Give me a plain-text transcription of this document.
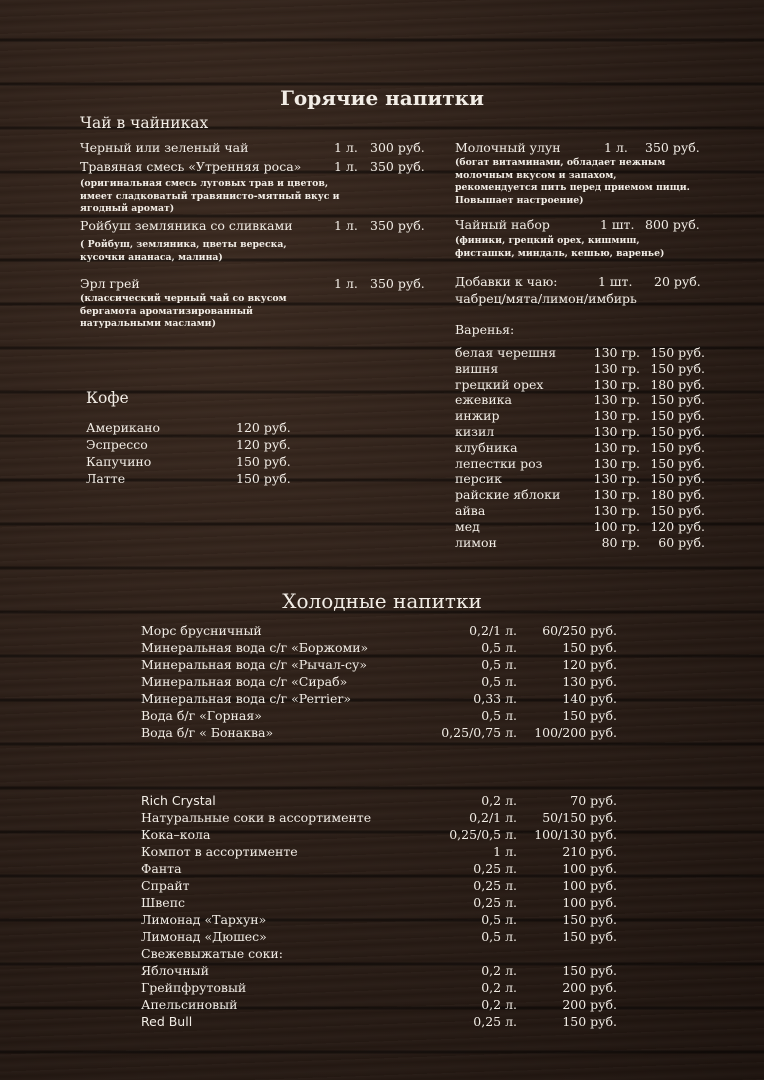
Горячие напитки
Чай в чайниках
Черный или зеленый чай	1 л. 300 руб.
Травяная смесь «Утренняя роса»	1 л. 350 руб.
(оригинальная смесь луговых трав и цветов, имеет сладковатый травянисто-мятный вкус и ягодный аромат)
Ройбуш земляника со сливками	1 л. 350 руб.
( Ройбуш, земляника, цветы вереска, кусочки ананаса, малина)
Эрл грей	1 л. 350 руб.
(классический черный чай со вкусом бергамота ароматизированный натуральными маслами)
Молочный улун	1 л. 350 руб.
(богат витаминами, обладает нежным молочным вкусом и запахом, рекомендуется пить перед приемом пищи. Повышает настроение)
Чайный набор	1 шт. 800 руб.
(финики, грецкий орех, кишмиш, фисташки, миндаль, кешью, варенье)
Добавки к чаю:	1 шт. 20 руб.
чабрец/мята/лимон/имбирь
Варенья:
белая черешня	130 гр. 150 руб.
вишня	130 гр. 150 руб.
грецкий орех	130 гр. 180 руб.
ежевика	130 гр. 150 руб.
инжир	130 гр. 150 руб.
кизил	130 гр. 150 руб.
клубника	130 гр. 150 руб.
лепестки роз	130 гр. 150 руб.
персик	130 гр. 150 руб.
райские яблоки	130 гр. 180 руб.
айва	130 гр. 150 руб.
мед	100 гр. 120 руб.
лимон	80 гр. 60 руб.
Кофе
Американо	120 руб.
Эспрессо	120 руб.
Капучино	150 руб.
Латте	150 руб.
Холодные напитки
Морс брусничный	0,2/1 л. 60/250 руб.
Минеральная вода с/г «Боржоми»	0,5 л.	150 руб.
Минеральная вода с/г «Рычал-су»	0,5 л.	120 руб.
Минеральная вода с/г «Сираб»	0,5 л.	130 руб.
Минеральная вода с/г «Perrier»	0,33 л.	140 руб.
Вода б/г «Горная»	0,5 л.	150 руб.
Вода б/г « Бонаква»	0,25/0,75 л. 100/200 руб.
Rich Crystal	0,2 л.	70 руб.
Натуральные соки в ассортименте	0,2/1 л. 50/150 руб.
Кока–кола	0,25/0,5 л. 100/130 руб.
Компот в ассортименте	1 л.	210 руб.
Фанта	0,25 л.	100 руб.
Спрайт	0,25 л.	100 руб.
Швепс	0,25 л.	100 руб.
Лимонад «Тархун»	0,5 л.	150 руб.
Лимонад «Дюшес»	0,5 л.	150 руб.
Свежевыжатые соки:
Яблочный	0,2 л.	150 руб.
Грейпфрутовый	0,2 л.	200 руб.
Апельсиновый	0,2 л.	200 руб.
Red Bull	0,25 л.	150 руб.
